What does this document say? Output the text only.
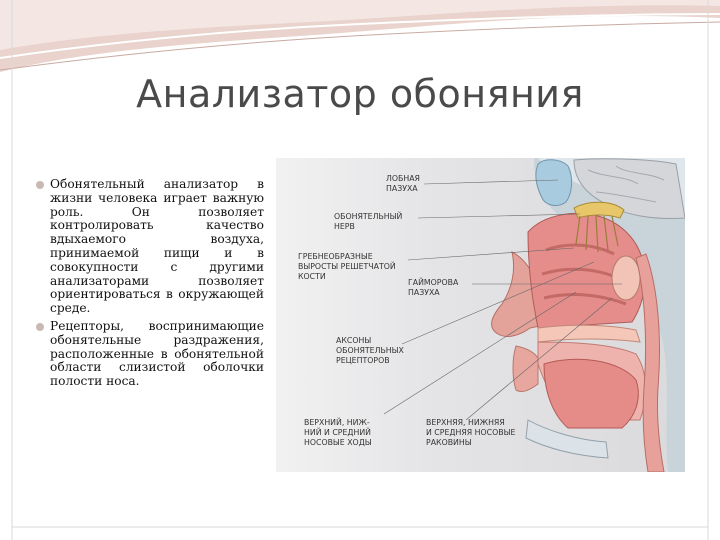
Анализатор обоняния
Обонятельный анализатор в жизни человека играет важную роль. Он позволяет контролировать качество вдыхаемого воздуха, принимаемой пищи и в совокупности с другими анализаторами позволяет ориентироваться в окружающей среде.
Рецепторы, воспринимающие обонятельные раздражения, расположенные в обонятельной области слизистой оболочки полости носа.
ЛОБНАЯ
ПАЗУХА
ОБОНЯТЕЛЬНЫЙ
НЕРВ
ГРЕБНЕОБРАЗНЫЕ
ВЫРОСТЫ РЕШЕТЧАТОЙ
КОСТИ
ГАЙМОРОВА
ПАЗУХА
АКСОНЫ
ОБОНЯТЕЛЬНЫХ
РЕЦЕПТОРОВ
ВЕРХНИЙ, НИЖ-
НИЙ И СРЕДНИЙ
НОСОВЫЕ ХОДЫ
ВЕРХНЯЯ, НИЖНЯЯ
И СРЕДНЯЯ НОСОВЫЕ
РАКОВИНЫ
